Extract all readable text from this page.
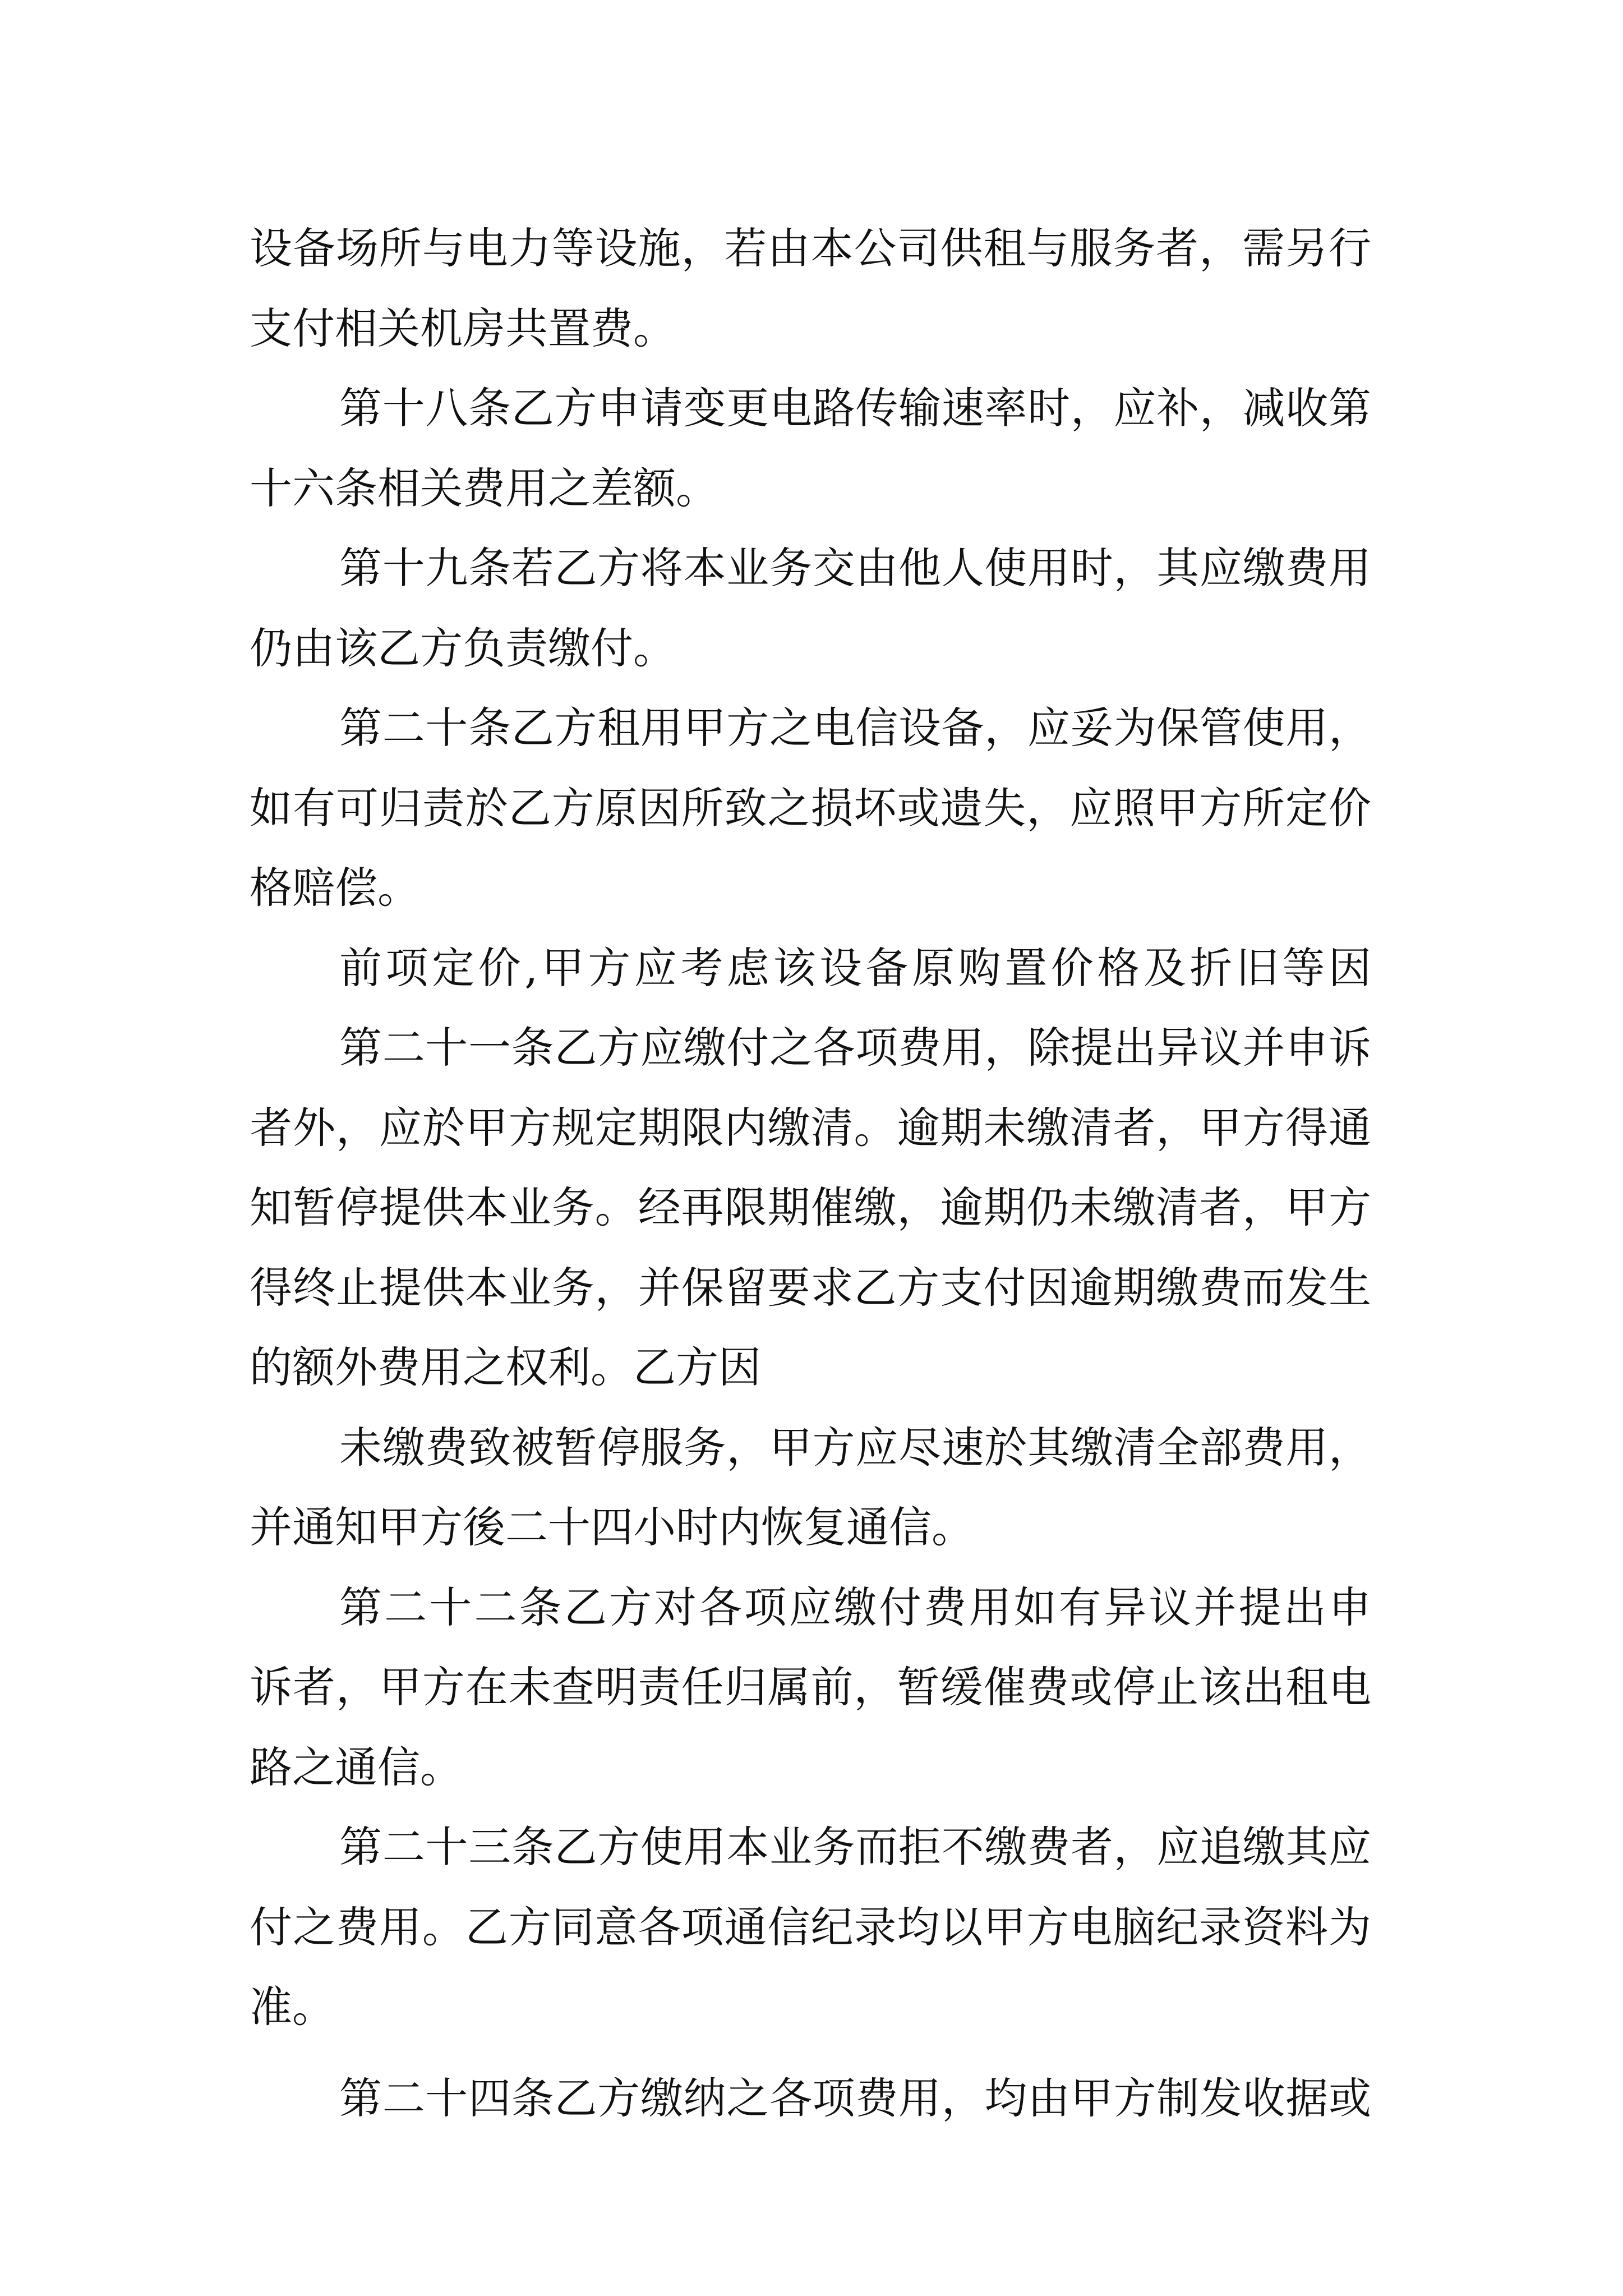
设备场所与电力等设施，若由本公司供租与服务者，需另行
支付相关机房共置费。
第十八条乙方申请变更电路传输速率时，应补，减收第
十六条相关费用之差额。
第十九条若乙方将本业务交由他人使用时，其应缴费用
仍由该乙方负责缴付。
第二十条乙方租用甲方之电信设备，应妥为保管使用，
如有可归责於乙方原因所致之损坏或遗失，应照甲方所定价
格赔偿。
前项定价,甲方应考虑该设备原购置价格及折旧等因
第二十一条乙方应缴付之各项费用，除提出异议并申诉
者外，应於甲方规定期限内缴清。逾期未缴清者，甲方得通
知暂停提供本业务。经再限期催缴，逾期仍未缴清者，甲方
得终止提供本业务，并保留要求乙方支付因逾期缴费而发生
的额外费用之权利。乙方因
未缴费致被暂停服务，甲方应尽速於其缴清全部费用，
并通知甲方後二十四小时内恢复通信。
第二十二条乙方对各项应缴付费用如有异议并提出申
诉者，甲方在未查明责任归属前，暂缓催费或停止该出租电
路之通信。
第二十三条乙方使用本业务而拒不缴费者，应追缴其应
付之费用。乙方同意各项通信纪录均以甲方电脑纪录资料为
准。
第二十四条乙方缴纳之各项费用，均由甲方制发收据或
